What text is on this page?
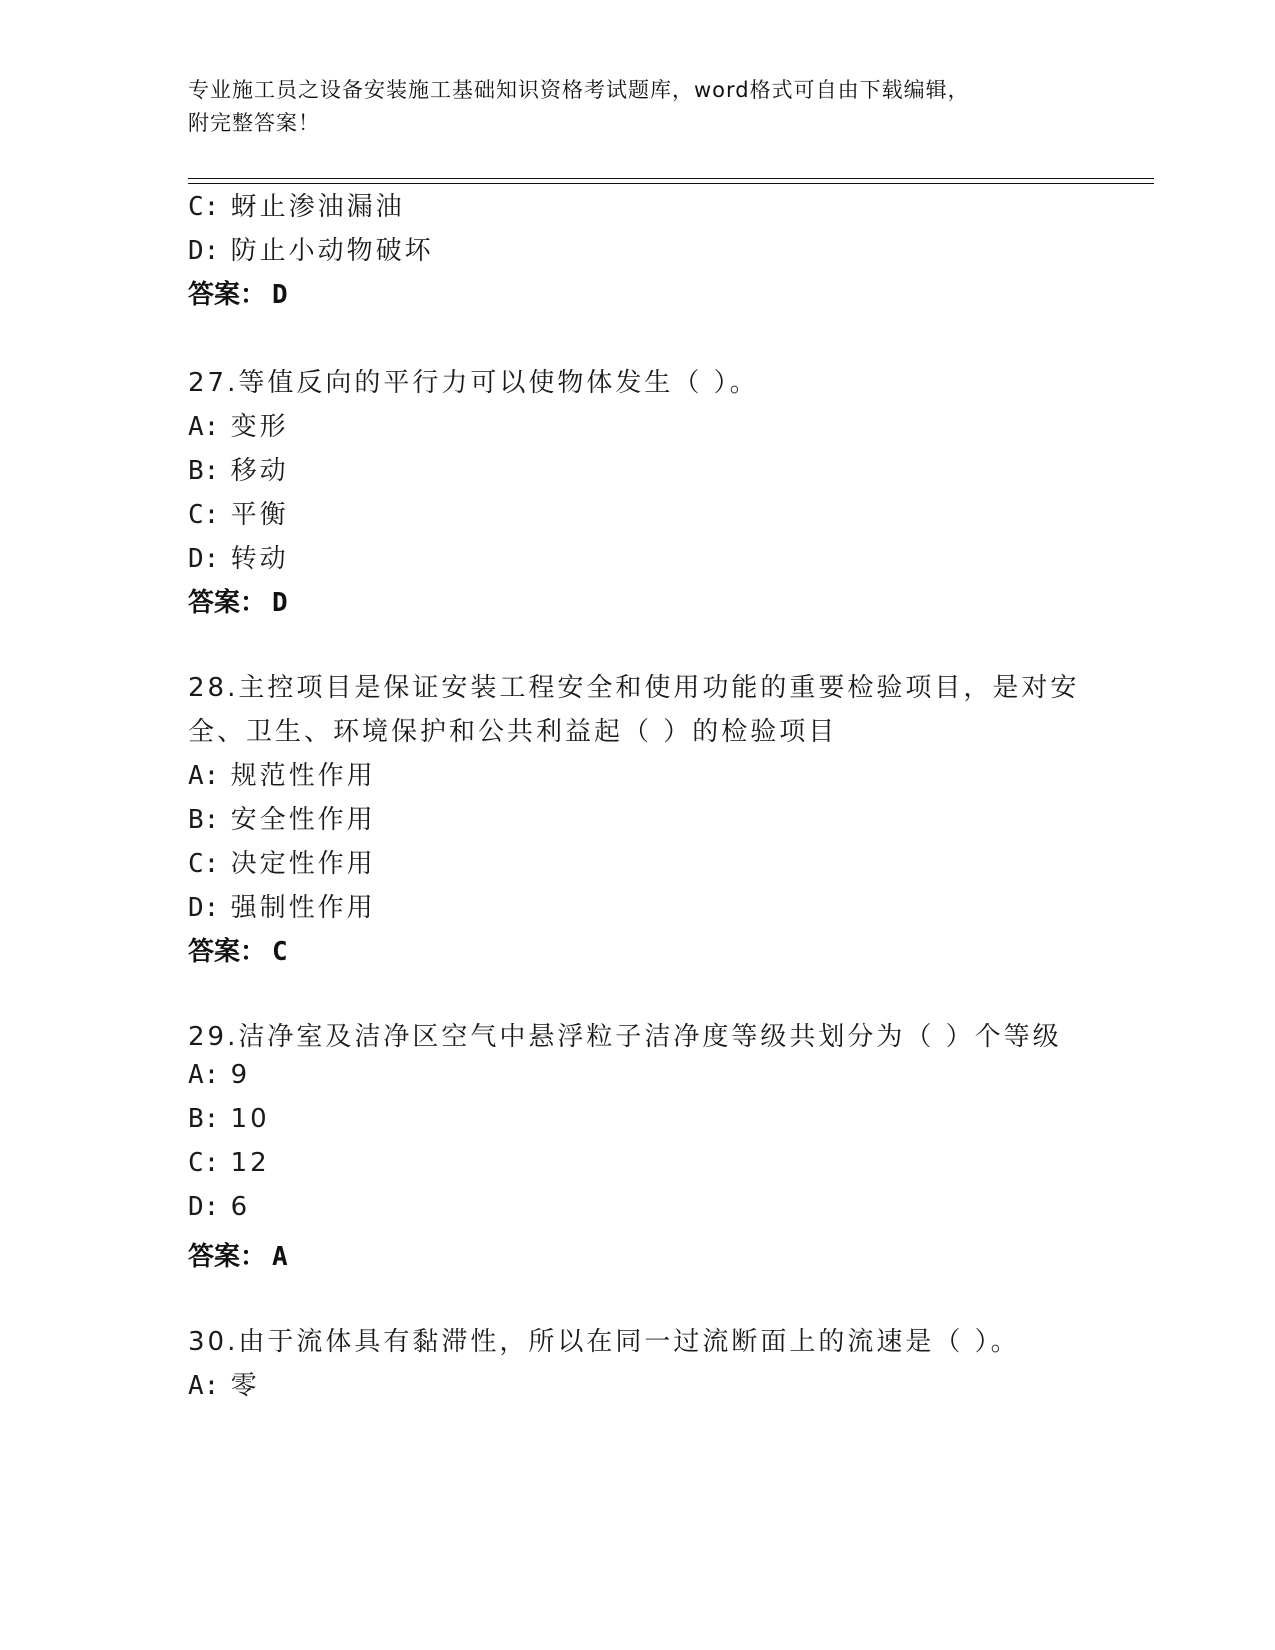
专业施工员之设备安装施工基础知识资格考试题库，word格式可自由下载编辑，
附完整答案！
C: 蚜止渗油漏油
D: 防止小动物破坏
答案： D
27.等值反向的平行力可以使物体发生（ ）。
A: 变形
B: 移动
C: 平衡
D: 转动
答案： D
28.主控项目是保证安装工程安全和使用功能的重要检验项目，是对安
全、卫生、环境保护和公共利益起（ ）的检验项目
A: 规范性作用
B: 安全性作用
C: 决定性作用
D: 强制性作用
答案： C
29.洁净室及洁净区空气中悬浮粒子洁净度等级共划分为（ ）个等级
A: 9
B: 10
C: 12
D: 6
答案： A
30.由于流体具有黏滞性，所以在同一过流断面上的流速是（ ）。
A: 零
